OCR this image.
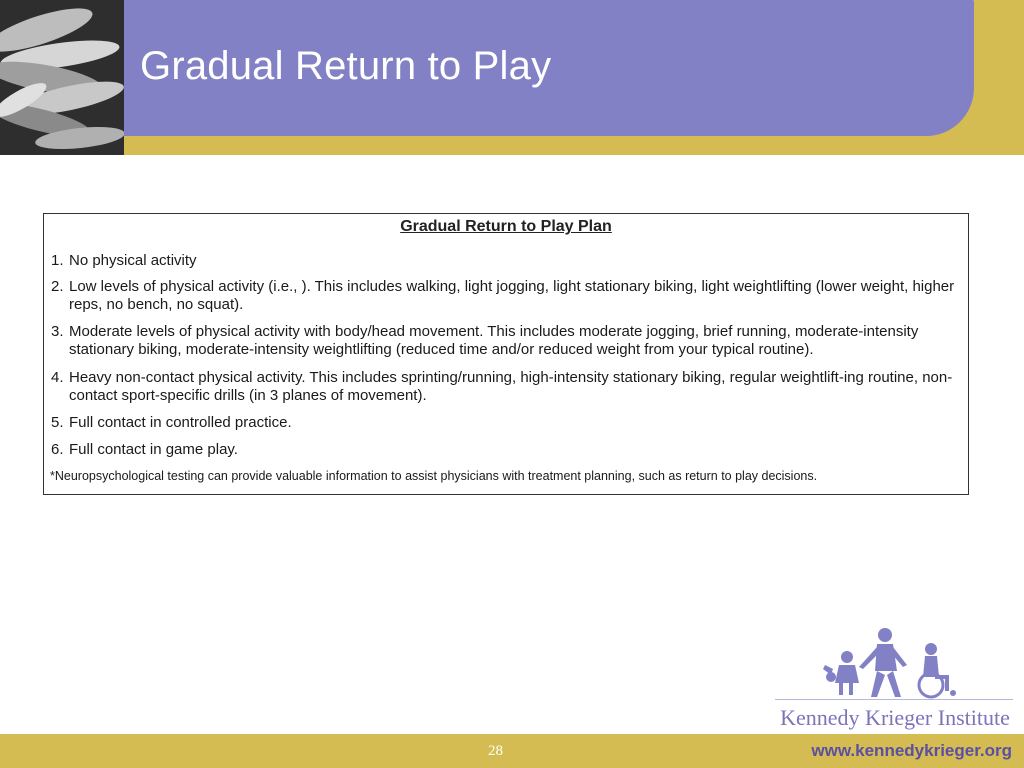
Gradual Return to Play
Gradual Return to Play Plan
1. No physical activity
2. Low levels of physical activity (i.e., ). This includes walking, light jogging, light stationary biking, light weightlifting (lower weight, higher reps, no bench, no squat).
3. Moderate levels of physical activity with body/head movement. This includes moderate jogging, brief running, moderate-intensity stationary biking, moderate-intensity weightlifting (reduced time and/or reduced weight from your typical routine).
4. Heavy non-contact physical activity. This includes sprinting/running, high-intensity stationary biking, regular weightlift-ing routine, non-contact sport-specific drills (in 3 planes of movement).
5. Full contact in controlled practice.
6. Full contact in game play.
*Neuropsychological testing can provide valuable information to assist physicians with treatment planning, such as return to play decisions.
Kennedy Krieger Institute
28	www.kennedykrieger.org
